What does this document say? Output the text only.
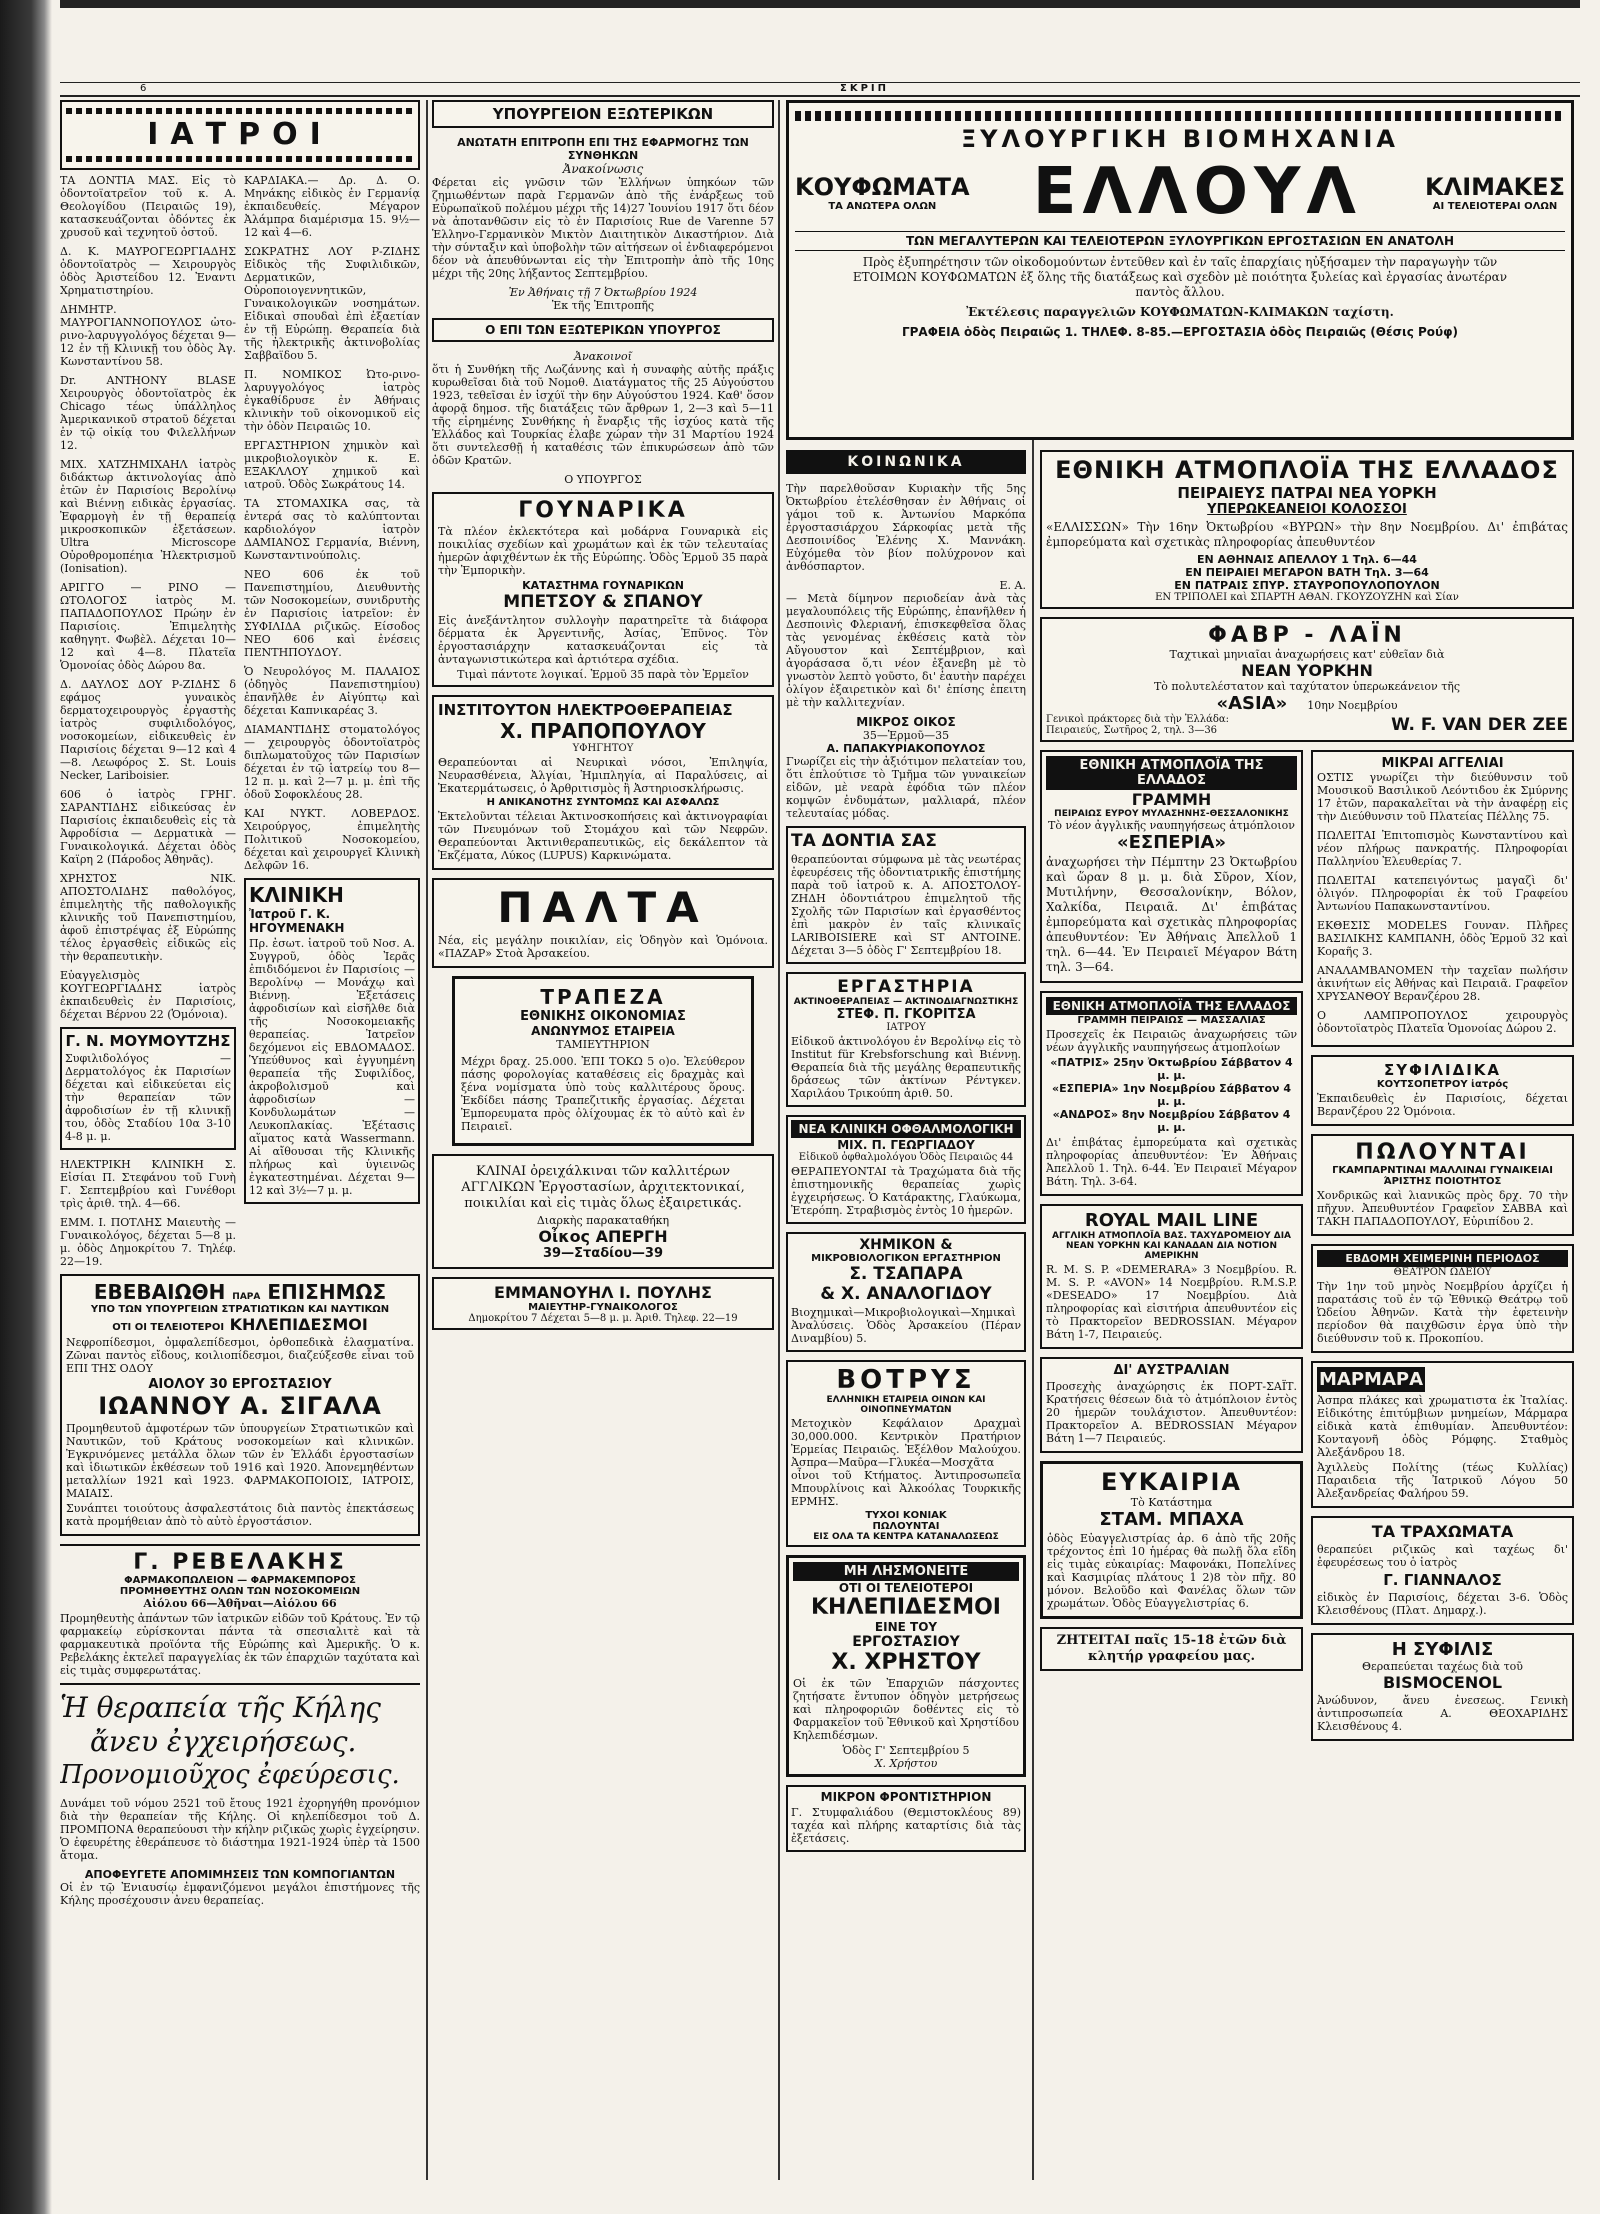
6	ΣΚΡΙΠ
ΙΑΤΡΟΙ

ΤΑ ΔΟΝΤΙΑ ΜΑΣ. Εἰς τὸ ὀδοντοϊατρεῖον τοῦ κ. Α. Θεολογίδου (Πειραιῶς 19), κατασκευάζονται ὀδόντες ἐκ χρυσοῦ καὶ τεχνητοῦ ὀστοῦ.

Δ. Κ. ΜΑΥΡΟΓΕΩΡΓΙΑΔΗΣ ὀδοντοϊατρὸς — Χειρουργὸς ὁδὸς Ἀριστείδου 12. Ἐναντι Χρηματιστηρίου.

ΔΗΜΗΤΡ. ΜΑΥΡΟΓΙΑΝΝΟΠΟΥΛΟΣ ὠτο-ρινο-λαρυγγολόγος δέχεται 9—12 ἐν τῇ Κλινικῇ του ὁδὸς Ἀγ. Κωνσταντίνου 58.

Dr. ANTHONY BLASE Χειρουργὸς ὀδοντοϊατρὸς ἐκ Chicago τέως ὑπάλληλος Ἀμερικανικοῦ στρατοῦ δέχεται ἐν τῷ οἰκίᾳ του Φιλελλήνων 12.

ΜΙΧ. ΧΑΤΖΗΜΙΧΑΗΛ ἰατρὸς διδάκτωρ ἀκτινολογίας ἀπὸ ἐτῶν ἐν Παρισίοις Βερολίνῳ καὶ Βιέννῃ ειδικὰς ἐργασίας. Ἐφαρμογὴ ἐν τῇ θεραπείᾳ μικροσκοπικῶν ἐξετάσεων. Ultra Microscope Οὐροθρομοπέηια Ἠλεκτρισμοῦ (Ionisation).

ΑΡΙΓΓΟ — ΡΙΝΟ — ΩΤΟΛΟΓΟΣ ἰατρὸς Μ. ΠΑΠΑΔΟΠΟΥΛΟΣ Πρώην ἐν Παρισίοις. Ἐπιμελητὴς καθηγητ. Φωβὲλ. Δέχεται 10—12 καὶ 4—8. Πλατεῖα Ὁμονοίας ὁδὸς Δώρου 8α.

Δ. ΔΑΥΛΟΣ ΔΟΥ Ρ-ΖΙΔΗΣ δ εφάμος γυναικὸς δερματοχειρουργὸς ἐργαστὴς ἰατρὸς συφιλιδολόγος, νοσοκομείων, εἰδικευθεὶς ἐν Παρισίοις δέχεται 9—12 καὶ 4—8. Λεωφόρος Σ. St. Louis Necker, Lariboisier.

606 ὁ ἰατρὸς ΓΡΗΓ. ΣΑΡΑΝΤΙΔΗΣ εἰδικεύσας ἐν Παρισίοις ἐκπαιδευθεὶς εἰς τὰ Ἀφροδίσια — Δερματικὰ — Γυναικολογικά. Δέχεται ὁδὸς Καϊρη 2 (Πάροδος Ἀθηνᾶς).

ΧΡΗΣΤΟΣ ΝΙΚ. ΑΠΟΣΤΟΛΙΔΗΣ παθολόγος, ἐπιμελητὴς τῆς παθολογικῆς κλινικῆς τοῦ Πανεπιστημίου, ἀφοῦ ἐπιστρέψας ἐξ Εὐρώπης τέλος ἐργασθεὶς εἰδικῶς εἰς τὴν θεραπευτικὴν.

Εὐαγγελισμὸς ΚΟΥΓΕΩΡΓΙΑΔΗΣ ἰατρὸς ἐκπαιδευθεὶς ἐν Παρισίοις, δέχεται Βέρνου 22 (Ὁμόνοια).

Γ. Ν. ΜΟΥΜΟΥΤΖΗΣ

Συφιλιδολόγος — Δερματολόγος ἐκ Παρισίων δέχεται καὶ εἰδικεύεται εἰς τὴν θεραπείαν τῶν ἀφροδισίων ἐν τῇ κλινικῇ του, ὁδὸς Σταδίου 10α 3-10 4-8 μ. μ.

ΗΛΕΚΤΡΙΚΗ ΚΛΙΝΙΚΗ Σ. Εἰσίαι Π. Στεφάνου τοῦ Γυνὴ Γ. Σεπτεμβρίου καὶ Γυνέθορι τρὶς ἀριθ. τηλ. 4—66.

ΕΜΜ. Ι. ΠΟΤΛΗΣ Μαιευτὴς — Γυναικολόγος, δέχεται 5—8 μ. μ. ὁδὸς Δημοκρίτου 7. Τηλέφ. 22—19.

ΚΑΡΔΙΑΚΑ.— Δρ. Δ. Ο. Μηνάκης εἰδικὸς ἐν Γερμανίᾳ ἐκπαιδευθείς. Μέγαρον Ἀλάμπρα διαμέρισμα 15. 9½—12 καὶ 4—6.

ΣΩΚΡΑΤΗΣ ΛΟΥ Ρ-ΖΙΔΗΣ Εἰδικὸς τῆς Συφιλιδικῶν, Δερματικῶν, Οὐροποιογεννητικῶν, Γυναικολογικῶν νοσημάτων. Εἰδικαὶ σπουδαὶ ἐπὶ ἐξαετίαν ἐν τῇ Εὐρώπῃ. Θεραπεία διὰ τῆς ἠλεκτρικῆς ἀκτινοβολίας Σαββαϊδου 5.

Π. ΝΟΜΙΚΟΣ Ὠτο-ρινο-λαρυγγολόγος ἰατρὸς ἐγκαθίδρυσε ἐν Ἀθήναις κλινικὴν τοῦ οἰκονομικοῦ εἰς τὴν ὁδὸν Πειραιῶς 10.

ΕΡΓΑΣΤΗΡΙΟΝ χημικὸν καὶ μικροβιολογικὸν κ. Ε. ΕΞΑΚΛΛΟΥ χημικοῦ καὶ ιατροῦ. Ὁδὸς Σωκράτους 14.

ΤΑ ΣΤΟΜΑΧΙΚΑ σας, τὰ ἐντερά σας τὸ καλύπτονται καρδιολόγον ἰατρὸν ΔΑΜΙΑΝΟΣ Γερμανία, Βιέννη, Κωνσταντινούπολις.

ΝΕΟ 606 ἐκ τοῦ Πανεπιστημίου, Διευθυντὴς τῶν Νοσοκομείων, συνιδρυτὴς ἐν Παρισίοις ἰατρεῖον: ἐν ΣΥΦΙΛΙΔΑ ριζικῶς. Είσοδος NEO 606 καὶ ἐνέσεις ΠΕΝΤΗΠΟΥΔΟΥ.

Ὁ Νευρολόγος Μ. ΠΑΛΑΙΟΣ (ὁδηγὸς Πανεπιστημίου) ἐπανῆλθε ἐν Αἰγύπτῳ καὶ δέχεται Καπνικαρέας 3.

ΔΙΑΜΑΝΤΙΔΗΣ στοματολόγος — χειρουργὸς ὀδοντοϊατρὸς διπλωματοῦχος τῶν Παρισίων δέχεται ἐν τῷ ἰατρείῳ του 8—12 π. μ. καὶ 2—7 μ. μ. ἐπὶ τῆς ὁδοῦ Σοφοκλέους 28.

ΚΑΙ ΝΥΚΤ. ΛΟΒΕΡΔΟΣ. Χειρούργος, ἐπιμελητὴς Πολιτικοῦ Νοσοκομείου, δέχεται καὶ χειρουργεῖ Κλινικὴ Δελφῶν 16.

ΚΛΙΝΙΚΗ
Ἰατροῦ Γ. Κ. ΗΓΟΥΜΕΝΑΚΗ

Πρ. ἐσωτ. ἰατροῦ τοῦ Νοσ. Α. Συγγροῦ, ὁδὸς Ἰερᾶς ἐπιδιδόμενοι ἐν Παρισίοις — Βερολίνῳ — Μονάχῳ καὶ Βιέννῃ. Ἐξετάσεις ἀφροδισίων καὶ εἰσῆλθε διὰ τῆς Νοσοκομειακῆς θεραπείας. Ἰατρεῖον δεχόμενοι εἰς ΕΒΔΟΜΑΔΟΣ. Ὑπεύθυνος καὶ ἐγγυημένη θεραπεία τῆς Συφιλίδος, ἀκροβολισμοῦ καὶ ἀφροδισίων — Κονδυλωμάτων — Λευκοπλακίας. Ἐξέτασις αἵματος κατὰ Wassermann. Αἱ αἴθουσαι τῆς Κλινικῆς πλήρως καὶ ὑγιεινῶς ἐγκατεστημέναι. Δέχεται 9—12 καὶ 3½—7 μ. μ.

ΕΒΕΒΑΙΩΘΗ ΠΑΡΑ ΕΠΙΣΗΜΩΣ
ΥΠΟ ΤΩΝ ΥΠΟΥΡΓΕΙΩΝ ΣΤΡΑΤΙΩΤΙΚΩΝ ΚΑΙ ΝΑΥΤΙΚΩΝ
ΟΤΙ ΟΙ ΤΕΛΕΙΟΤΕΡΟΙ ΚΗΛΕΠΙΔΕΣΜΟΙ

Νεφροπίδεσμοι, ὀμφαλεπίδεσμοι, ὀρθοπεδικὰ ἐλασματίνα. Ζῶναι παντὸς εἴδους, κοιλιοπίδεσμοι, διαζεύξεσθε εἶναι τοῦ ΕΠΙ ΤΗΣ ΟΔΟΥ

ΑΙΟΛΟΥ 30 ΕΡΓΟΣΤΑΣΙΟΥ
ΙΩΑΝΝΟΥ Α. ΣΙΓΑΛΑ

Προμηθευτοῦ ἀμφοτέρων τῶν ὑπουργείων Στρατιωτικῶν καὶ Ναυτικῶν, τοῦ Κράτους νοσοκομείων καὶ κλινικῶν. Ἐγκρινόμενες μετάλλα ὅλων τῶν ἐν Ἑλλάδι ἐργοστασίων καὶ ἰδιωτικῶν ἐκθέσεων τοῦ 1916 καὶ 1920. Ἀπονεμηθέντων μεταλλίων 1921 καὶ 1923. ΦΑΡΜΑΚΟΠΟΙΟΙΣ, ΙΑΤΡΟΙΣ, ΜΑΙΑΙΣ.

Συνάπτει τοιούτους ἀσφαλεστάτοις διὰ παντὸς ἐπεκτάσεως κατὰ προμήθειαν ἀπὸ τὸ αὐτὸ ἐργοστάσιον.

Γ. ΡΕΒΕΛΑΚΗΣ
ΦΑΡΜΑΚΟΠΩΛΕΙΟΝ — ΦΑΡΜΑΚΕΜΠΟΡΟΣ
ΠΡΟΜΗΘΕΥΤΗΣ ΟΛΩΝ ΤΩΝ ΝΟΣΟΚΟΜΕΙΩΝ
Αἰόλου 66—Ἀθῆναι—Αἰόλου 66

Προμηθευτὴς ἀπάντων τῶν ἰατρικῶν εἰδῶν τοῦ Κράτους. Ἐν τῷ φαρμακείῳ εὑρίσκονται πάντα τὰ σπεσιαλιτὲ καὶ τὰ φαρμακευτικὰ προϊόντα τῆς Εὐρώπης καὶ Ἀμερικῆς. Ὁ κ. Ρεβελάκης ἐκτελεῖ παραγγελίας ἐκ τῶν ἐπαρχιῶν ταχύτατα καὶ εἰς τιμὰς συμφερωτάτας.

Ἡ θεραπεία τῆς Κήλης
ἄνευ ἐγχειρήσεως.
Προνομιοῦχος ἐφεύρεσις.

Δυνάμει τοῦ νόμου 2521 τοῦ ἔτους 1921 ἐχορηγήθη προνόμιον διὰ τὴν θεραπείαν τῆς Κήλης. Οἱ κηλεπίδεσμοι τοῦ Δ. ΠΡΟΜΠΟΝΑ θεραπεύουσι τὴν κήλην ριζικῶς χωρὶς ἐγχείρησιν. Ὁ ἐφευρέτης ἐθεράπευσε τὸ διάστημα 1921-1924 ὑπὲρ τὰ 1500 ἄτομα.

ΑΠΟΦΕΥΓΕΤΕ ΑΠΟΜΙΜΗΣΕΙΣ ΤΩΝ ΚΟΜΠΟΓΙΑΝΤΩΝ

Οἱ ἐν τῷ Ἐνιαυσίῳ ἐμφανιζόμενοι μεγάλοι ἐπιστήμονες τῆς Κήλης προσέχουσιν ἀνευ θεραπείας.

ΥΠΟΥΡΓΕΙΟΝ ΕΞΩΤΕΡΙΚΩΝ
ΑΝΩΤΑΤΗ ΕΠΙΤΡΟΠΗ ΕΠΙ ΤΗΣ ΕΦΑΡΜΟΓΗΣ ΤΩΝ ΣΥΝΘΗΚΩΝ
Ἀνακοίνωσις

Φέρεται εἰς γνῶσιν τῶν Ἑλλήνων ὑπηκόων τῶν ζημιωθέντων παρὰ Γερμανῶν ἀπὸ τῆς ἐνάρξεως τοῦ Εὐρωπαϊκοῦ πολέμου μέχρι τῆς 14)27 Ἰουνίου 1917 ὅτι δέον νὰ ἀποτανθῶσιν εἰς τὸ ἐν Παρισίοις Rue de Varenne 57 Ἑλληνο-Γερμανικὸν Μικτὸν Διαιτητικὸν Δικαστήριον. Διὰ τὴν σύνταξιν καὶ ὑποβολὴν τῶν αἰτήσεων οἱ ἐνδιαφερόμενοι δέον νὰ ἀπευθύνωνται εἰς τὴν Ἐπιτροπὴν ἀπὸ τῆς 10ης μέχρι τῆς 20ης λήξαντος Σεπτεμβρίου.

Ἐν Ἀθήναις τῇ 7 Ὀκτωβρίου 1924
Ἐκ τῆς Ἐπιτροπῆς
Ο ΕΠΙ ΤΩΝ ΕΞΩΤΕΡΙΚΩΝ ΥΠΟΥΡΓΟΣ
Ἀνακοινοῖ

ὅτι ἡ Συνθήκη τῆς Λωζάννης καὶ ἡ συναφὴς αὐτῆς πράξις κυρωθεῖσαι διὰ τοῦ Νομοθ. Διατάγματος τῆς 25 Αὐγούστου 1923, τεθεῖσαι ἐν ἰσχύϊ τὴν 6ην Αὐγούστου 1924. Καθ' ὅσον ἀφορᾷ δημοσ. τῆς διατάξεις τῶν ἄρθρων 1, 2—3 καὶ 5—11 τῆς εἰρημένης Συνθήκης ἡ ἔναρξις τῆς ἰσχύος κατὰ τῆς Ἑλλάδος καὶ Τουρκίας ἐλαβε χώραν τὴν 31 Μαρτίου 1924 ὅτι συντελεσθῇ ἡ καταθέσις τῶν ἐπικυρώσεων ἀπὸ τῶν ὁδῶν Κρατῶν.

Ο ΥΠΟΥΡΓΟΣ
ΓΟΥΝΑΡΙΚΑ

Τὰ πλέον ἐκλεκτότερα καὶ μοδάρνα Γουναρικὰ εἰς ποικιλίας σχεδίων καὶ χρωμάτων καὶ ἐκ τῶν τελευταίας ἡμερῶν ἀφιχθέντων ἐκ τῆς Εὐρώπης. Ὁδὸς Ἑρμοῦ 35 παρὰ τὴν Ἐμπορικὴν.

ΚΑΤΑΣΤΗΜΑ ΓΟΥΝΑΡΙΚΩΝ
ΜΠΕΤΣΟΥ & ΣΠΑΝΟΥ

Εἰς ἀνεξάντλητον συλλογὴν παρατηρεῖτε τὰ διάφορα δέρματα ἐκ Ἀργεντινῆς, Ἀσίας, Ἐπῦνος. Τὸν ἐργοστασιάρχην κατασκευάζονται εἰς τὰ ἀνταγωνιστικώτερα καὶ ἀρτιότερα σχέδια.

Τιμαὶ πάντοτε λογικαί. Ἑρμοῦ 35 παρὰ τὸν Ἑρμεῖον
ΙΝΣΤΙΤΟΥΤΟΝ ΗΛΕΚΤΡΟΘΕΡΑΠΕΙΑΣ
Χ. ΠΡΑΠΟΠΟΥΛΟΥ
ΥΦΗΓΗΤΟΥ

Θεραπεύονται αἱ Νευρικαὶ νόσοι, Ἐπιληψία, Νευρασθένεια, Ἀλγίαι, Ἡμιπληγία, αἱ Παραλύσεις, αἱ Ἑκατερμάτωσεις, ὁ Ἀρθριτισμὸς ἢ Ἀστηριοσκλήρωσις.

Η ΑΝΙΚΑΝΟΤΗΣ ΣΥΝΤΟΜΩΣ ΚΑΙ ΑΣΦΑΛΩΣ

Ἐκτελοῦνται τέλειαι Ἀκτινοσκοπήσεις καὶ ἀκτινογραφίαι τῶν Πνευμόνων τοῦ Στομάχου καὶ τῶν Νεφρῶν. Θεραπεύονται Ἀκτινιθεραπευτικῶς, εἰς δεκάλεπτον τὰ Ἐκζέματα, Λύκος (LUPUS) Καρκινώματα.

ΠΑΛΤΑ

Νέα, εἰς μεγάλην ποικιλίαν, εἰς Ὁδηγὸν καὶ Ὁμόνοια. «ΠΑΖΑΡ» Στοὰ Ἀρσακείου.

ΤΡΑΠΕΖΑ
ΕΘΝΙΚΗΣ ΟΙΚΟΝΟΜΙΑΣ
ΑΝΩΝΥΜΟΣ ΕΤΑΙΡΕΙΑ
ΤΑΜΙΕΥΤΗΡΙΟΝ

Μέχρι δραχ. 25.000. ἘΠΙ ΤΟΚΩ 5 ο)ο. Ἐλεύθερον πάσης φορολογίας καταθέσεις εἰς δραχμὰς καὶ ξένα νομίσματα ὑπὸ τοὺς καλλιτέρους ὅρους. Ἐκδίδει πάσης Τραπεζιτικῆς ἐργασίας. Δέχεται Ἐμπορευματα πρὸς ὀλίχουμας ἐκ τὸ αὐτὸ καὶ ἐν Πειραιεῖ.

ΚΛΙΝΑΙ ὀρειχάλκιναι τῶν καλλιτέρων ΑΓΓΛΙΚΩΝ Ἐργοστασίων, ἀρχιτεκτονικαί, ποικιλίαι καὶ εἰς τιμὰς ὅλως ἐξαιρετικάς.

Διαρκὴς παρακαταθήκη
Οἶκος ΑΠΕΡΓΗ
39—Σταδίου—39
ΕΜΜΑΝΟΥΗΛ Ι. ΠΟΥΛΗΣ
ΜΑΙΕΥΤΗΡ-ΓΥΝΑΙΚΟΛΟΓΟΣ
Δημοκρίτου 7 Δέχεται 5—8 μ. μ. Ἀριθ. Τηλεφ. 22—19
ΞΥΛΟΥΡΓΙΚΗ ΒΙΟΜΗΧΑΝΙΑ
ΚΟΥΦΩΜΑΤΑ
ΤΑ ΑΝΩΤΕΡΑ ΟΛΩΝ	ΕΛΛΟΥΛ	ΚΛΙΜΑΚΕΣ
ΑΙ ΤΕΛΕΙΟΤΕΡΑΙ ΟΛΩΝ
ΤΩΝ ΜΕΓΑΛΥΤΕΡΩΝ ΚΑΙ ΤΕΛΕΙΟΤΕΡΩΝ ΞΥΛΟΥΡΓΙΚΩΝ ΕΡΓΟΣΤΑΣΙΩΝ ΕΝ ΑΝΑΤΟΛΗ

Πρὸς ἐξυπηρέτησιν τῶν οἰκοδομούντων ἐντεῦθεν καὶ ἐν ταῖς ἐπαρχίαις ηὐξήσαμεν τὴν παραγωγὴν τῶν ΕΤΟΙΜΩΝ ΚΟΥΦΩΜΑΤΩΝ ἐξ ὅλης τῆς διατάξεως καὶ σχεδὸν μὲ ποιότητα ξυλείας καὶ ἐργασίας ἀνωτέραν παντὸς ἄλλου.

Ἐκτέλεσις παραγγελιῶν ΚΟΥΦΩΜΑΤΩΝ-ΚΛΙΜΑΚΩΝ ταχίστη.

ΓΡΑΦΕΙΑ ὁδὸς Πειραιῶς 1. ΤΗΛΕΦ. 8-85.—ΕΡΓΟΣΤΑΣΙΑ ὁδὸς Πειραιῶς (Θέσις Ρούφ)
ΚΟΙΝΩΝΙΚΑ

Τὴν παρελθοῦσαν Κυριακὴν τῆς 5ης Ὀκτωβρίου ἐτελέσθησαν ἐν Ἀθήναις οἱ γάμοι τοῦ κ. Ἀντωνίου Μαρκόπα ἐργοστασιάρχου Σάρκοφίας μετὰ τῆς Δεσποινίδος Ἐλένης Χ. Μαννάκη. Εὐχόμεθα τὸν βίον πολύχρονον καὶ ἀνθόσπαρτον.

Ε. Α.

— Μετὰ δίμηνον περιοδείαν ἀνὰ τὰς μεγαλουπόλεις τῆς Εὐρώπης, ἐπανῆλθεν ἡ Δεσποινὶς Φλεριανή, ἐπισκεφθεῖσα ὅλας τὰς γενομένας ἐκθέσεις κατὰ τὸν Αὔγουστον καὶ Σεπτέμβριον, καὶ ἀγοράσασα ὅ,τι νέον ἐξανεβη μὲ τὸ γνωστὸν λεπτὸ γοῦστο, δι' ἑαυτὴν παρέχει ὀλίγον ἐξαιρετικὸν καὶ δι' ἐπίσης ἐπειτη μὲ τὴν καλλιτεχνίαν.

ΜΙΚΡΟΣ ΟΙΚΟΣ
35—Ἑρμοῦ—35
Α. ΠΑΠΑΚΥΡΙΑΚΟΠΟΥΛΟΣ

Γνωρίζει εἰς τὴν ἀξιότιμον πελατείαν του, ὅτι ἐπλούτισε τὸ Τμῆμα τῶν γυναικείων εἰδῶν, μὲ νεαρὰ ἐφόδια τῶν πλέον κομψῶν ἐνδυμάτων, μαλλιαρά, πλέον τελευταίας μόδας.

ΤΑ ΔΟΝΤΙΑ ΣΑΣ

θεραπεύονται σύμφωνα μὲ τὰς νεωτέρας ἐφευρέσεις τῆς ὀδοντιατρικῆς ἐπιστήμης παρὰ τοῦ ἰατροῦ κ. Α. ΑΠΟΣΤΟΛΟΥ-ΖΗΔΗ ὀδοντιάτρου ἐπιμελητοῦ τῆς Σχολῆς τῶν Παρισίων καὶ ἐργασθέντος ἐπὶ μακρὸν ἐν ταῖς κλινικαῖς LARIBOISIERE καὶ ST ANTOINE. Δέχεται 3—5 ὁδὸς Γ' Σεπτεμβρίου 18.

ΕΡΓΑΣΤΗΡΙΑ
ΑΚΤΙΝΟΘΕΡΑΠΕΙΑΣ — ΑΚΤΙΝΟΔΙΑΓΝΩΣΤΙΚΗΣ
ΣΤΕΦ. Π. ΓΚΟΡΙΤΣΑ
ΙΑΤΡΟΥ

Εἰδικοῦ ἀκτινολόγου ἐν Βερολίνῳ εἰς τὸ Institut für Krebsforschung καὶ Βιέννῃ. Θεραπεία διὰ τῆς μεγάλης θεραπευτικῆς δράσεως τῶν ἀκτίνων Ρέντγκεν. Χαριλάου Τρικούπη ἀριθ. 50.

ΝΕΑ ΚΛΙΝΙΚΗ ΟΦΘΑΛΜΟΛΟΓΙΚΗ
ΜΙΧ. Π. ΓΕΩΡΓΙΑΔΟΥ
Εἰδικοῦ ὀφθαλμολόγου Ὁδὸς Πειραιῶς 44

ΘΕΡΑΠΕΥΟΝΤΑΙ τὰ Τραχώματα διὰ τῆς ἐπιστημονικῆς θεραπείας χωρὶς ἐγχειρήσεως. Ὁ Κατάρακτης, Γλαύκωμα, Ἐτερόπη. Στραβισμὸς ἐντὸς 10 ἡμερῶν.

ΧΗΜΙΚΟΝ &
ΜΙΚΡΟΒΙΟΛΟΓΙΚΟΝ ΕΡΓΑΣΤΗΡΙΟΝ
Σ. ΤΣΑΠΑΡΑ
& Χ. ΑΝΑΛΟΓΙΔΟΥ

Βιοχημικαὶ—Μικροβιολογικαὶ—Χημικαὶ Ἀναλύσεις. Ὁδὸς Ἀρσακείου (Πέραν Διναμβίου) 5.

ΒΟΤΡΥΣ
ΕΛΛΗΝΙΚΗ ΕΤΑΙΡΕΙΑ ΟΙΝΩΝ ΚΑΙ ΟΙΝΟΠΝΕΥΜΑΤΩΝ

Μετοχικὸν Κεφάλαιον Δραχμαὶ 30,000.000. Κεντρικὸν Πρατήριον Ἐρμείας Πειραιῶς. Ἐξέλθον Μαλούχου. Ἀσπρα—Μαῦρα—Γλυκέα—Μοσχᾶτα οἶνοι τοῦ Κτήματος. Ἀντιπροσωπεῖα Μπουρλίνοις καὶ Ἀλκοόλας Τουρκικῆς ΕΡΜΗΣ.

ΤΥΧΟΙ ΚΟΝΙΑΚ
ΠΩΛΟΥΝΤΑΙ
ΕΙΣ ΟΛΑ ΤΑ ΚΕΝΤΡΑ ΚΑΤΑΝΑΛΩΣΕΩΣ
ΜΗ ΛΗΣΜΟΝΕΙΤΕ
ΟΤΙ ΟΙ ΤΕΛΕΙΟΤΕΡΟΙ
ΚΗΛΕΠΙΔΕΣΜΟΙ
ΕΙΝΕ ΤΟΥ
ΕΡΓΟΣΤΑΣΙΟΥ
Χ. ΧΡΗΣΤΟΥ

Οἱ ἐκ τῶν Ἐπαρχιῶν πάσχοντες ζητήσατε ἔντυπον ὁδηγὸν μετρήσεως καὶ πληροφοριῶν δοθέντες εἰς τὸ Φαρμακεῖον τοῦ Ἐθνικοῦ καὶ Χρηστίδου Κηλεπιδέσμων.

Ὁδὸς Γ' Σεπτεμβρίου 5
Χ. Χρήστου
ΜΙΚΡΟΝ ΦΡΟΝΤΙΣΤΗΡΙΟΝ

Γ. Στυμφαλιάδου (Θεμιστοκλέους 89) ταχέα καὶ πλήρης καταρτίσις διὰ τὰς ἐξετάσεις.

ΕΘΝΙΚΗ ΑΤΜΟΠΛΟΪΑ ΤΗΣ ΕΛΛΑΔΟΣ
ΠΕΙΡΑΙΕΥΣ ΠΑΤΡΑΙ ΝΕΑ ΥΟΡΚΗ
ΥΠΕΡΩΚΕΑΝΕΙΟΙ ΚΟΛΟΣΣΟΙ

«ΕΛΛΙΣΣΩΝ» Τὴν 16ην Ὀκτωβρίου «ΒΥΡΩΝ» τὴν 8ην Νοεμβρίου. Δι' ἐπιβάτας ἐμπορεύματα καὶ σχετικὰς πληροφορίας ἀπευθυντέον

ΕΝ ΑΘΗΝΑΙΣ ΑΠΕΛΛΟΥ 1 Τηλ. 6—44
ΕΝ ΠΕΙΡΑΙΕΙ ΜΕΓΑΡΟΝ ΒΑΤΗ Τηλ. 3—64
ΕΝ ΠΑΤΡΑΙΣ ΣΠΥΡ. ΣΤΑΥΡΟΠΟΥΛΟΠΟΥΛΟΝ
ΕΝ ΤΡΙΠΟΛΕΙ καὶ ΣΠΑΡΤΗ ΑΘΑΝ. ΓΚΟΥΖΟΥΖΗΝ καὶ Σίαν
ΦΑΒΡ - ΛΑΪΝ
Ταχτικαὶ μηνιαῖαι ἀναχωρήσεις κατ' εὐθεῖαν διὰ
ΝΕΑΝ ΥΟΡΚΗΝ
Τὸ πολυτελέστατον καὶ ταχύτατον ὑπερωκεάνειον τῆς
«ASIA» 10ην Νοεμβρίου
Γενικοὶ πράκτορες διὰ τὴν Ἑλλάδα: Πειραιεύς, Σωτῆρος 2, τηλ. 3—36	W. F. VAN DER ZEE
ΕΘΝΙΚΗ ΑΤΜΟΠΛΟΪΑ ΤΗΣ ΕΛΛΑΔΟΣ
ΓΡΑΜΜΗ
ΠΕΙΡΑΙΩΣ ΕΥΡΟΥ ΜΥΛΑΣΗΝΗΣ-ΘΕΣΣΑΛΟΝΙΚΗΣ
Τὸ νέον ἀγγλικῆς ναυπηγήσεως ἀτμόπλοιον
«ΕΣΠΕΡΙΑ»

ἀναχωρήσει τὴν Πέμπτην 23 Ὀκτωβρίου καὶ ὥραν 8 μ. μ. διὰ Σῦρον, Χίον, Μυτιλήνην, Θεσσαλονίκην, Βόλον, Χαλκίδα, Πειραιᾶ. Δι' ἐπιβάτας ἐμπορεύματα καὶ σχετικὰς πληροφορίας ἀπευθυντέον: Ἐν Ἀθήναις Ἀπελλοῦ 1 τηλ. 6—44. Ἐν Πειραιεῖ Μέγαρον Βάτη τηλ. 3—64.

ΕΘΝΙΚΗ ΑΤΜΟΠΛΟΪΑ ΤΗΣ ΕΛΛΑΔΟΣ
ΓΡΑΜΜΗ ΠΕΙΡΑΙΩΣ — ΜΑΣΣΑΛΙΑΣ

Προσεχεῖς ἐκ Πειραιῶς ἀναχωρήσεις τῶν νέων ἀγγλικῆς ναυπηγήσεως ἀτμοπλοίων

«ΠΑΤΡΙΣ» 25ην Ὀκτωβρίου Σάββατον 4 μ. μ.
«ΕΣΠΕΡΙΑ» 1ην Νοεμβρίου Σάββατον 4 μ. μ.
«ΑΝΔΡΟΣ» 8ην Νοεμβρίου Σάββατον 4 μ. μ.

Δι' ἐπιβάτας ἐμπορεύματα καὶ σχετικὰς πληροφορίας ἀπευθυντέον: Ἐν Ἀθήναις Ἀπελλοῦ 1. Τηλ. 6-44. Ἐν Πειραιεῖ Μέγαρον Βάτη. Τηλ. 3-64.

ROYAL MAIL LINE
ΑΓΓΛΙΚΗ ΑΤΜΟΠΛΟΪΑ ΒΑΣ. ΤΑΧΥΔΡΟΜΕΙΟΥ ΔΙΑ ΝΕΑΝ ΥΟΡΚΗΝ ΚΑΙ ΚΑΝΑΔΑΝ ΔΙΑ ΝΟΤΙΟΝ ΑΜΕΡΙΚΗΝ

R. M. S. P. «DEMERARA» 3 Νοεμβρίου. R. M. S. P. «AVON» 14 Νοεμβρίου. R.M.S.P. «DESEADO» 17 Νοεμβρίου. Διὰ πληροφορίας καὶ εἰσιτήρια ἀπευθυντέον εἰς τὸ Πρακτορεῖον BEDROSSIAN. Μέγαρον Βάτη 1-7, Πειραιεύς.

ΔΙ' ΑΥΣΤΡΑΛΙΑΝ

Προσεχὴς ἀναχώρησις ἐκ ΠΟΡΤ-ΣΑΪΤ. Κρατήσεις θέσεων διὰ τὸ ἀτμόπλοιον ἐντὸς 20 ἡμερῶν τουλάχιστον. Ἀπευθυντέον: Πρακτορεῖον A. BEDROSSIAN Μέγαρον Βάτη 1—7 Πειραιεύς.

ΕΥΚΑΙΡΙΑ
Τὸ Κατάστημα
ΣΤΑΜ. ΜΠΑΧΑ

ὁδὸς Εὐαγγελιστρίας ἀρ. 6 ἀπὸ τῆς 20ῆς τρέχοντος ἐπὶ 10 ἡμέρας θὰ πωλῇ ὅλα εἴδη εἰς τιμὰς εὐκαιρίας: Μαφονάκι, Ποπελίνες καὶ Κασμιρίας πλάτους 1 2)8 τὸν πῆχ. 80 μόνον. Βελοῦδο καὶ Φανέλας ὅλων τῶν χρωμάτων. Ὁδὸς Εὐαγγελιστρίας 6.

ΖΗΤΕΙΤΑΙ παῖς 15-18 ἐτῶν διὰ κλητήρ γραφείου μας.

ΜΙΚΡΑΙ ΑΓΓΕΛΙΑΙ

ΟΣΤΙΣ γνωρίζει τὴν διεύθυνσιν τοῦ Μουσικοῦ Βασιλικοῦ Λεόντιδου ἐκ Σμύρνης 17 ἐτῶν, παρακαλεῖται νὰ τὴν ἀναφέρῃ εἰς τὴν Διεύθυνσιν τοῦ Πλατείας Πέλλης 75.

ΠΩΛΕΙΤΑΙ Ἐπιτοπισμὸς Κωνσταντίνου καὶ νέον πλήρως πανκρατής. Πληροφορίαι Παλληνίου Ἐλευθερίας 7.

ΠΩΛΕΙΤΑΙ κατεπειγόντως μαγαζὶ δι' ὁλιγόν. Πληροφορίαι ἐκ τοῦ Γραφείου Ἀντωνίου Παπακωνσταντίνου.

ΕΚΘΕΣΙΣ MODELES Γουναν. Πλῆρες ΒΑΣΙΛΙΚΗΣ ΚΑΜΠΑΝΗ, ὁδὸς Ἑρμοῦ 32 καὶ Κοραῆς 3.

ΑΝΑΛΑΜΒΑΝΟΜΕΝ τὴν ταχεῖαν πωλήσιν ἀκινήτων εἰς Ἀθήνας καὶ Πειραιᾶ. Γραφεῖον ΧΡΥΣΑΝΘΟΥ Βερανζέρου 28.

Ο ΛΑΜΠΡΟΠΟΥΛΟΣ χειρουργὸς ὀδοντοϊατρὸς Πλατεῖα Ὁμονοίας Δώρου 2.

ΣΥΦΙΛΙΔΙΚΑ
ΚΟΥΤΣΟΠΕΤΡΟΥ ἰατρός

Ἐκπαιδευθεὶς ἐν Παρισίοις, δέχεται Βερανζέρου 22 Ὁμόνοια.

ΠΩΛΟΥΝΤΑΙ
ΓΚΑΜΠΑΡΝΤΙΝΑΙ ΜΑΛΛΙΝΑΙ ΓΥΝΑΙΚΕΙΑΙ ΆΡΙΣΤΗΣ ΠΟΙΟΤΗΤΟΣ

Χονδρικῶς καὶ λιανικῶς πρὸς δρχ. 70 τὴν πῆχυν. Ἀπευθυντέον Γραφεῖον ΣΑΒΒΑ καὶ ΤΑΚΗ ΠΑΠΑΔΟΠΟΥΛΟΥ, Εὐριπίδου 2.

ΕΒΔΟΜΗ ΧΕΙΜΕΡΙΝΗ ΠΕΡΙΟΔΟΣ
ΘΕΑΤΡΟΝ ΩΔΕΙΟΥ

Τὴν 1ην τοῦ μηνὸς Νοεμβρίου ἀρχίζει ἡ παρατάσις τοῦ ἐν τῷ Ἐθνικῷ Θεάτρῳ τοῦ Ὠδείου Ἀθηνῶν. Κατὰ τὴν ἐφετεινὴν περίοδον θὰ παιχθῶσιν ἐργα ὑπὸ τὴν διεύθυνσιν τοῦ κ. Προκοπίου.

ΜΑΡΜΑΡΑ

Ἀσπρα πλάκες καὶ χρωματιστα ἐκ Ἰταλίας. Εἰδικότης ἐπιτύμβιων μνημείων, Μάρμαρα εἰδικὰ κατὰ ἐπιθυμίαν. Ἀπευθυντέον: Κονταγονῆ ὁδὸς Ρόμφης. Σταθμὸς Ἀλεξάνδρου 18.

Ἀχιλλεὺς Πολίτης (τέως Κυλλίας) Παραιδεια τῆς Ἰατρικοῦ Λόγου 50 Ἀλεξανδρείας Φαλήρου 59.

ΤΑ ΤΡΑΧΩΜΑΤΑ

θεραπεύει ριζικῶς καὶ ταχέως δι' ἐφευρέσεως του ὁ ἰατρὸς

Γ. ΓΙΑΝΝΑΛΟΣ

εἰδικὸς ἐν Παρισίοις, δέχεται 3-6. Ὁδὸς Κλεισθένους (Πλατ. Δημαρχ.).

Η ΣΥΦΙΛΙΣ
Θεραπεύεται ταχέως διὰ τοῦ
BISMOCENOL

Ἀνώδυνον, ἄνευ ἐνεσεως. Γενικὴ ἀντιπροσωπεία Α. ΘΕΟΧΑΡΙΔΗΣ Κλεισθένους 4.
